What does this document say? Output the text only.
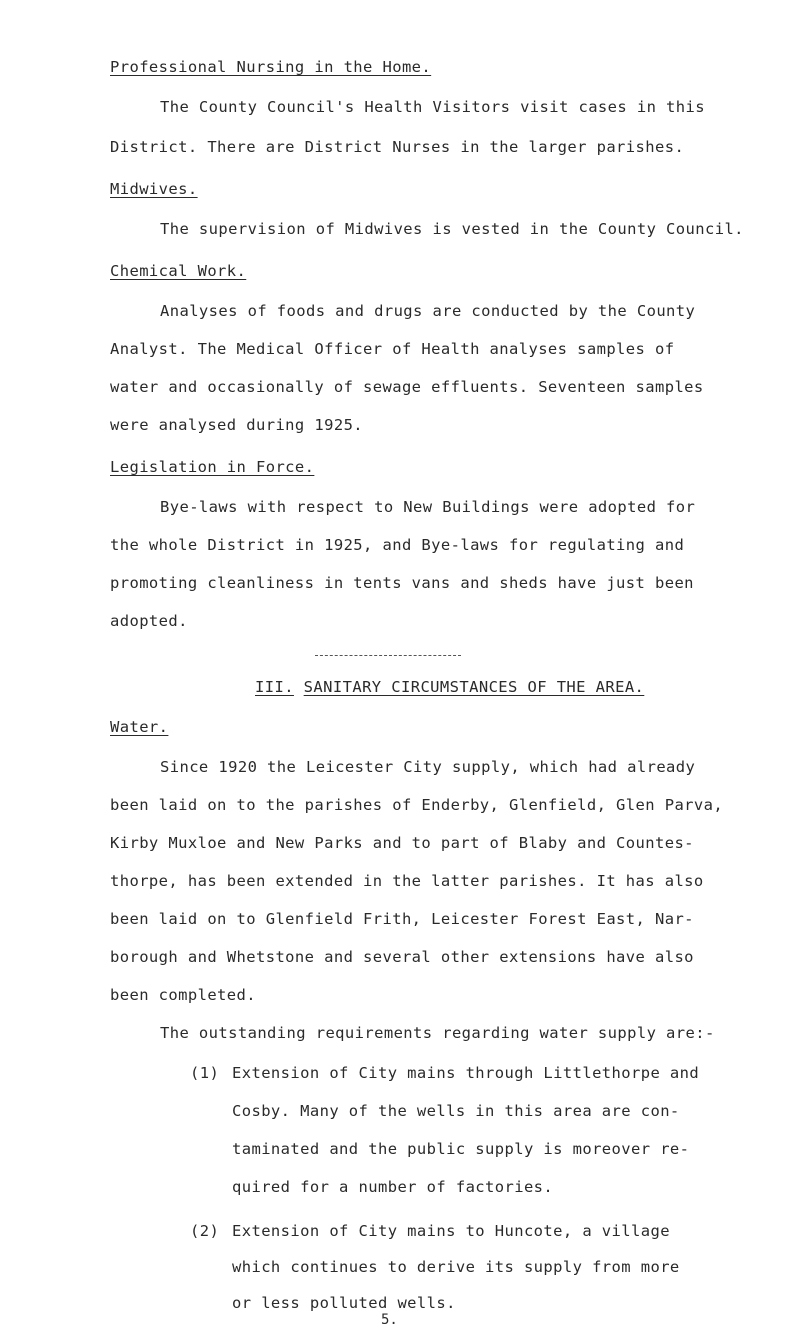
Professional Nursing in the Home.
The County Council's Health Visitors visit cases in this
District. There are District Nurses in the larger parishes.
Midwives.
The supervision of Midwives is vested in the County Council.
Chemical Work.
Analyses of foods and drugs are conducted by the County
Analyst. The Medical Officer of Health analyses samples of
water and occasionally of sewage effluents. Seventeen samples
were analysed during 1925.
Legislation in Force.
Bye-laws with respect to New Buildings were adopted for
the whole District in 1925, and Bye-laws for regulating and
promoting cleanliness in tents vans and sheds have just been
adopted.
III. SANITARY CIRCUMSTANCES OF THE AREA.
Water.
Since 1920 the Leicester City supply, which had already
been laid on to the parishes of Enderby, Glenfield, Glen Parva,
Kirby Muxloe and New Parks and to part of Blaby and Countes-
thorpe, has been extended in the latter parishes. It has also
been laid on to Glenfield Frith, Leicester Forest East, Nar-
borough and Whetstone and several other extensions have also
been completed.
The outstanding requirements regarding water supply are:-
(1) Extension of City mains through Littlethorpe and
Cosby. Many of the wells in this area are con-
taminated and the public supply is moreover re-
quired for a number of factories.
(2) Extension of City mains to Huncote, a village
which continues to derive its supply from more
or less polluted wells.
5.
